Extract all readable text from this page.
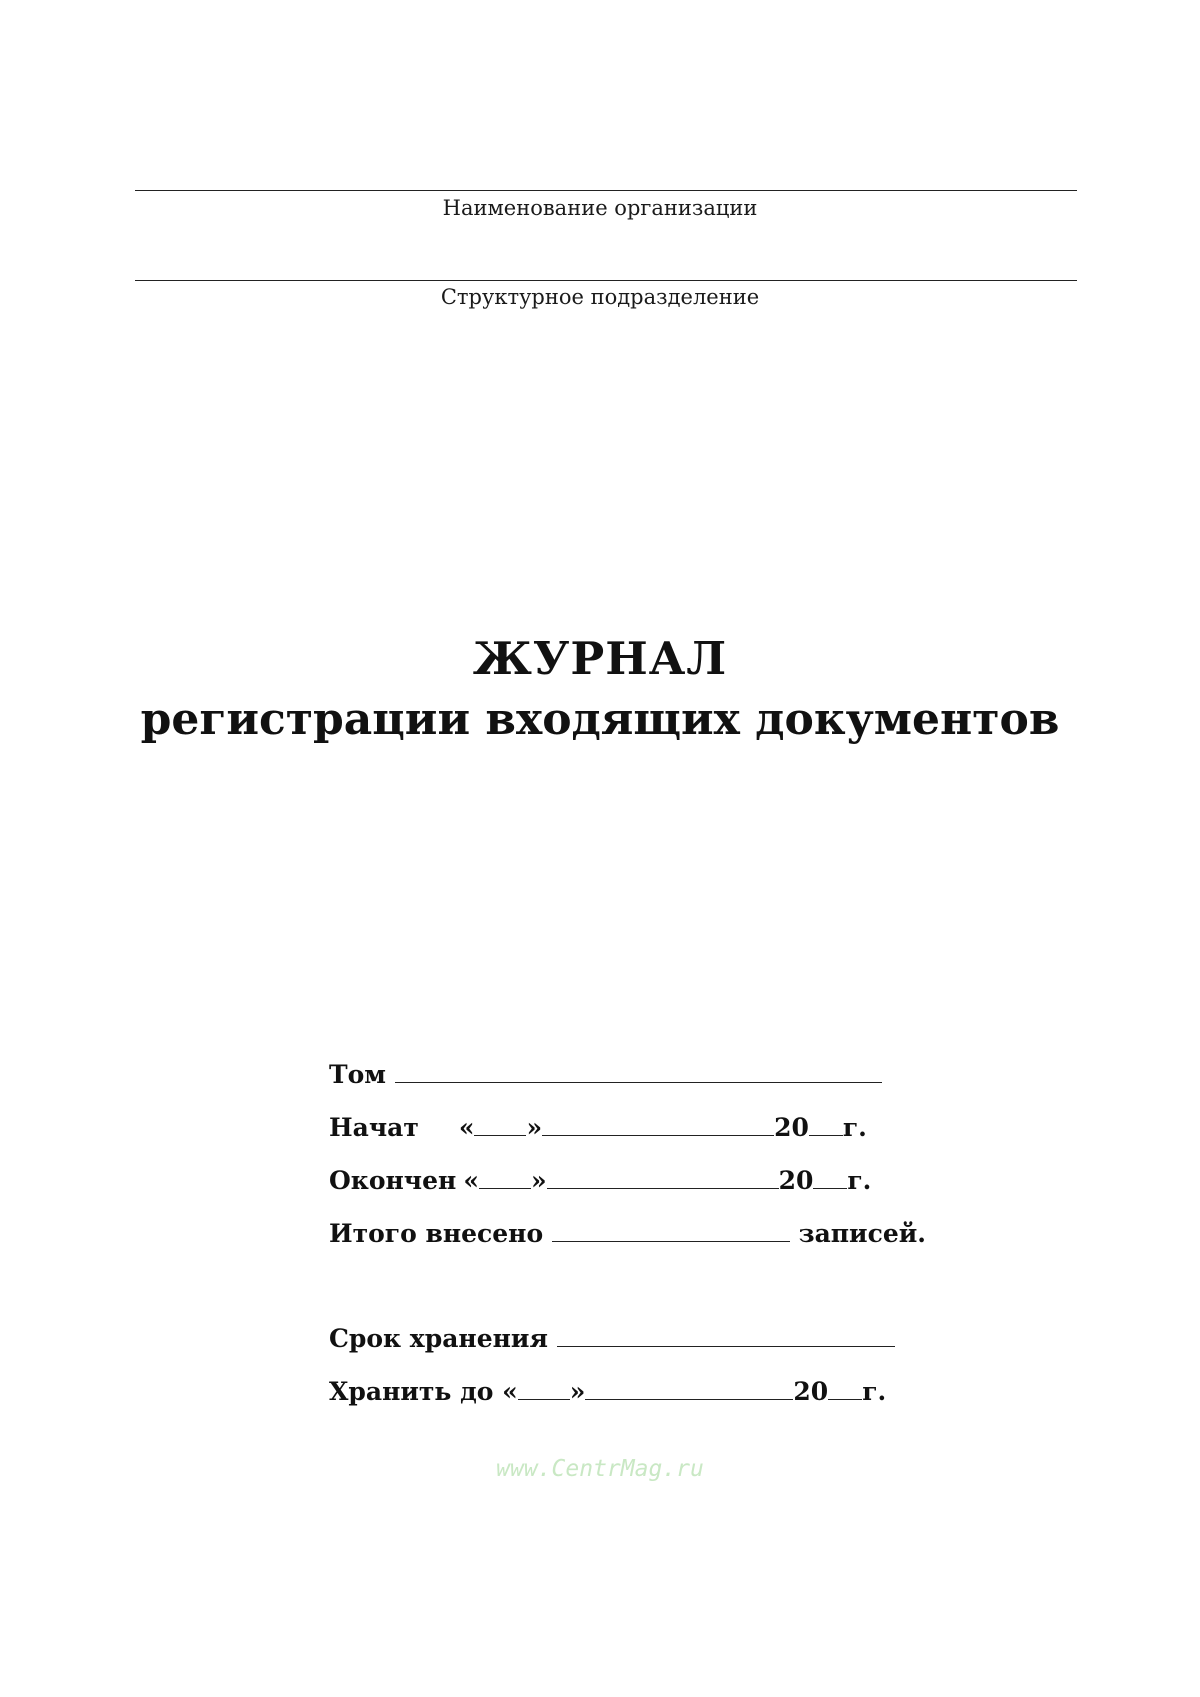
Наименование организации
Структурное подразделение
ЖУРНАЛ
регистрации входящих документов
Том
Начат « »	20 г.
Окончен « »	20 г.
Итого внесено	записей.
Срок хранения
Хранить до « »	20 г.
www.CentrMag.ru
